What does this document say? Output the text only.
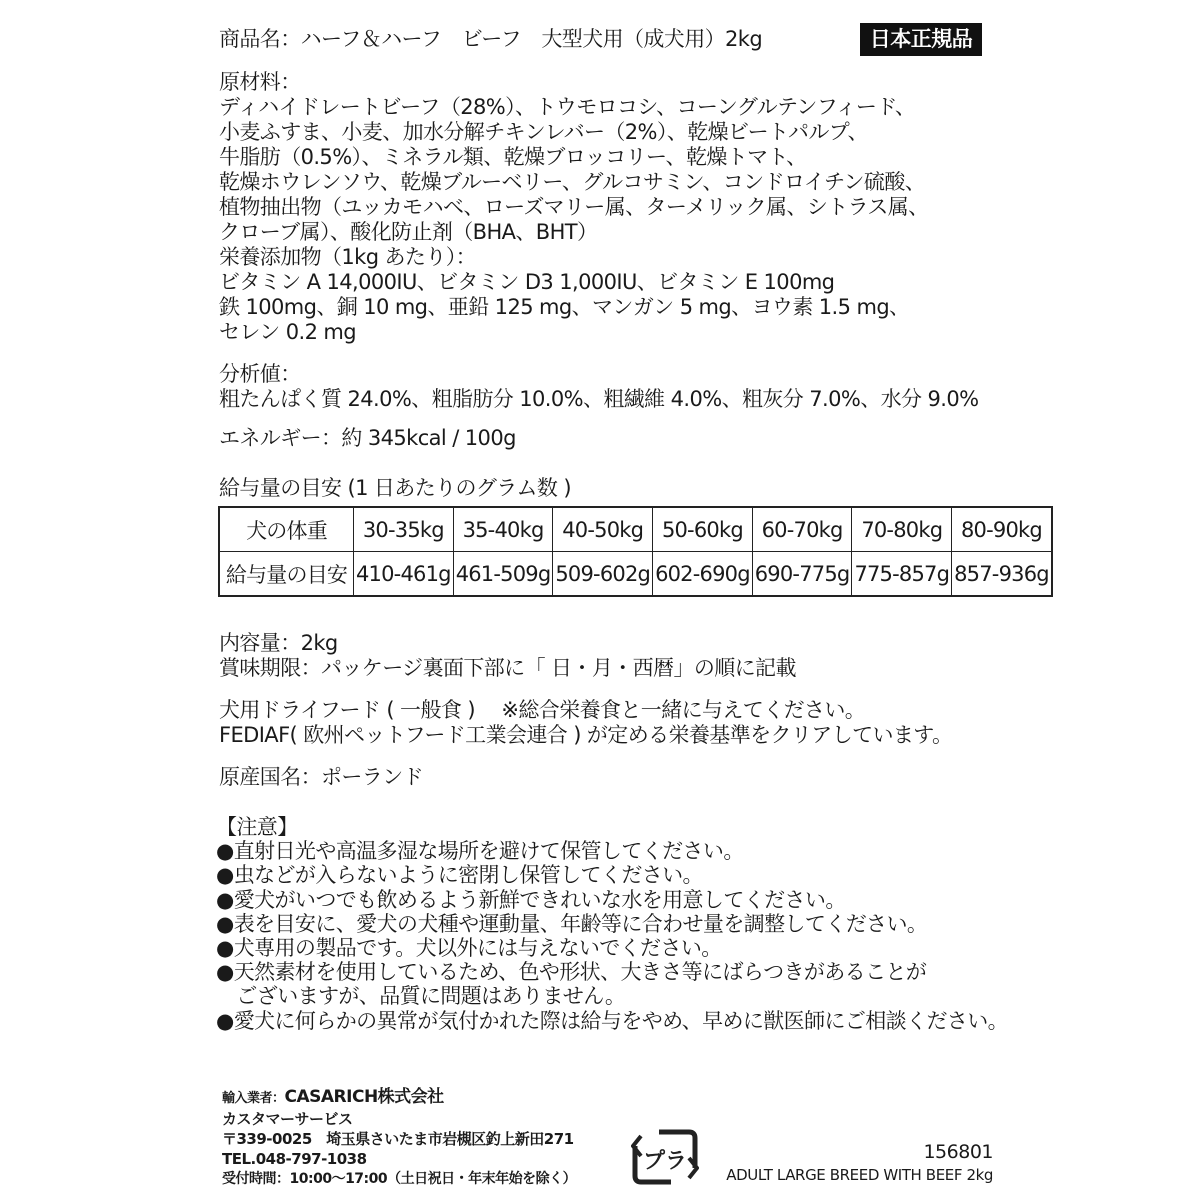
商品名：ハーフ＆ハーフ　ビーフ　大型犬用（成犬用）2kg	日本正規品
原材料：
ディハイドレートビーフ（28%）、トウモロコシ、コーングルテンフィード、
小麦ふすま、小麦、加水分解チキンレバー（2%）、乾燥ビートパルプ、
牛脂肪（0.5%）、ミネラル類、乾燥ブロッコリー、乾燥トマト、
乾燥ホウレンソウ、乾燥ブルーベリー、グルコサミン、コンドロイチン硫酸、
植物抽出物（ユッカモハベ、ローズマリー属、ターメリック属、シトラス属、
クローブ属）、酸化防止剤（BHA、BHT）
栄養添加物（1kg あたり）：
ビタミン A 14,000IU、ビタミン D3 1,000IU、ビタミン E 100mg
鉄 100mg、銅 10 mg、亜鉛 125 mg、マンガン 5 mg、ヨウ素 1.5 mg、
セレン 0.2 mg
分析値：
粗たんぱく質 24.0%、粗脂肪分 10.0%、粗繊維 4.0%、粗灰分 7.0%、水分 9.0%
エネルギー：約 345kcal / 100g
給与量の目安 (1 日あたりのグラム数 )
犬の体重	30-35kg	35-40kg	40-50kg	50-60kg	60-70kg	70-80kg	80-90kg
給与量の目安	410-461g	461-509g	509-602g	602-690g	690-775g	775-857g	857-936g
内容量：2kg
賞味期限：パッケージ裏面下部に「 日・月・西暦」の順に記載
犬用ドライフード ( 一般食 )　 ※総合栄養食と一緒に与えてください。
FEDIAF( 欧州ペットフード工業会連合 ) が定める栄養基準をクリアしています。
原産国名：ポーランド
【注意】
●直射日光や高温多湿な場所を避けて保管してください。
●虫などが入らないように密閉し保管してください。
●愛犬がいつでも飲めるよう新鮮できれいな水を用意してください。
●表を目安に、愛犬の犬種や運動量、年齢等に合わせ量を調整してください。
●犬専用の製品です。犬以外には与えないでください。
●天然素材を使用しているため、色や形状、大きさ等にばらつきがあることが
　ございますが、品質に問題はありません。
●愛犬に何らかの異常が気付かれた際は給与をやめ、早めに獣医師にご相談ください。
輸入業者：CASARICH株式会社
カスタマーサービス
〒339-0025　埼玉県さいたま市岩槻区釣上新田271
TEL.048-797-1038
受付時間：10:00～17:00（土日祝日・年末年始を除く）
プラ	156801
ADULT LARGE BREED WITH BEEF 2kg
